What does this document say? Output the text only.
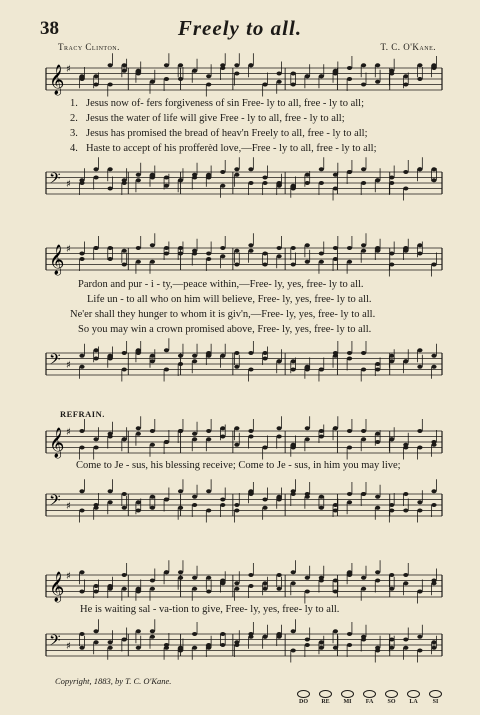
38	Freely to all.
Tracy Clinton.	T. C. O'Kane.
𝄞 ♯
1. Jesus now of- fers forgiveness of sin Free- ly to all, free - ly to all;
2. Jesus the water of life will give Free - ly to all, free - ly to all;
3. Jesus has promised the bread of heav'n Freely to all, free - ly to all;
4. Haste to accept of his profferèd love,—Free - ly to all, free - ly to all;
𝄢 ♯
𝄞 ♯
Pardon and pur - i - ty,—peace within,—Free- ly, yes, free- ly to all.
Life un - to all who on him will believe, Free- ly, yes, free- ly to all.
Ne'er shall they hunger to whom it is giv'n,—Free- ly, yes, free- ly to all.
So you may win a crown promised above, Free- ly, yes, free- ly to all.
𝄢 ♯
REFRAIN.
𝄞 ♯
Come to Je - sus, his blessing receive; Come to Je - sus, in him you may live;
𝄢 ♯
𝄞 ♯
He is waiting sal - va-tion to give, Free- ly, yes, free- ly to all.
𝄢 ♯
Copyright, 1883, by T. C. O'Kane.
DO RE MI FA SO LA SI
